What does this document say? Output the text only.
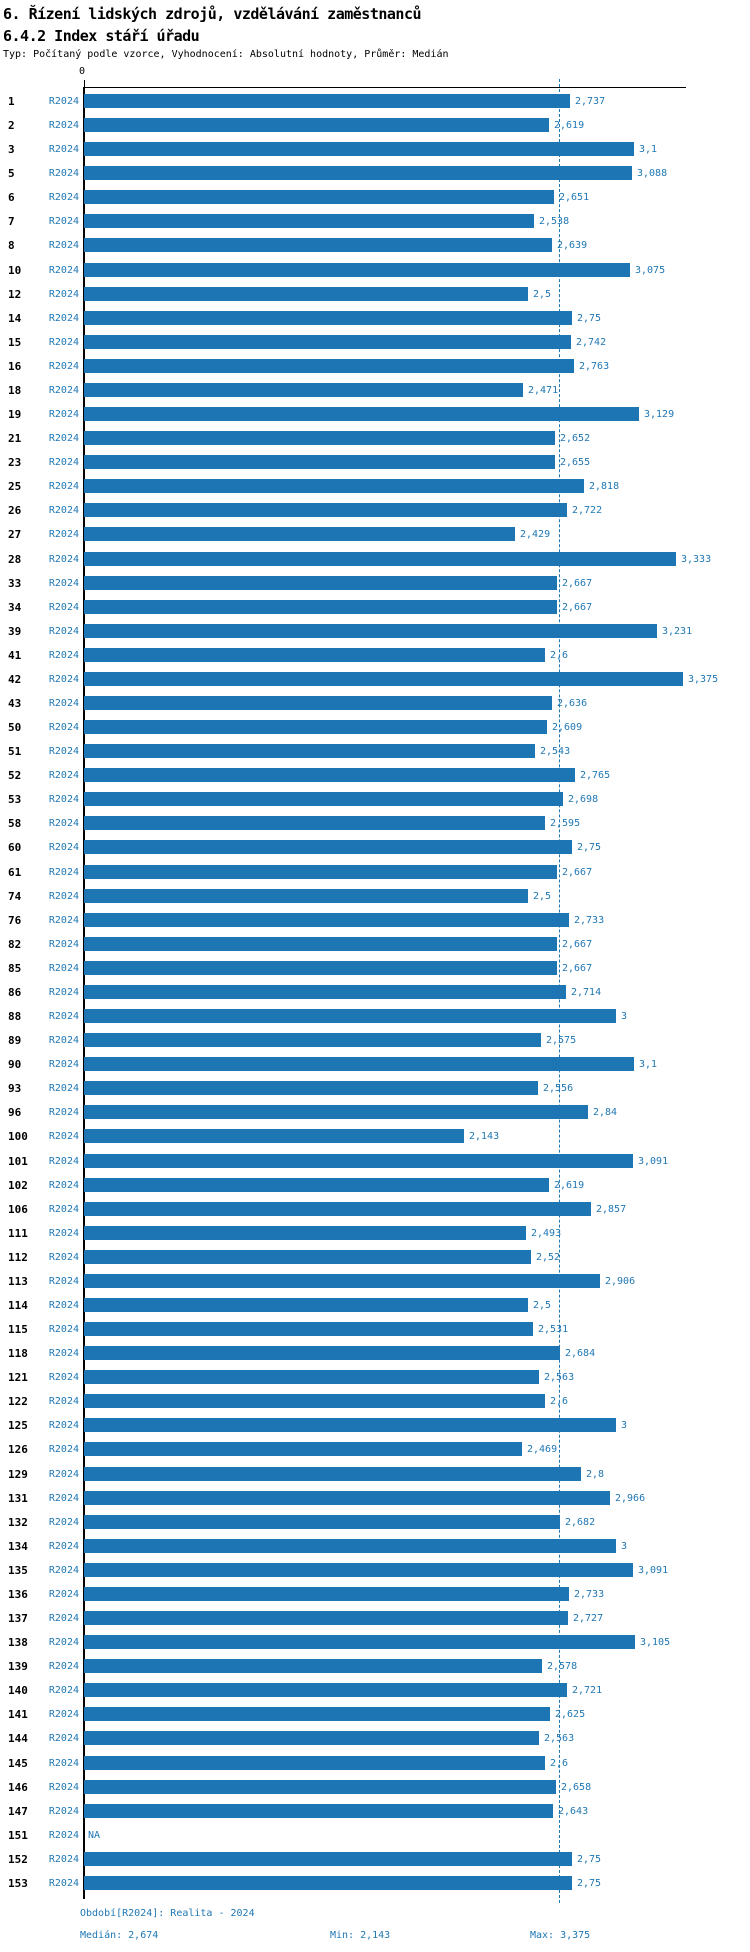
6. Řízení lidských zdrojů, vzdělávání zaměstnanců
6.4.2 Index stáří úřadu
Typ: Počítaný podle vzorce, Vyhodnocení: Absolutní hodnoty, Průměr: Medián
0
1	R2024	2,737
2	R2024	2,619
3	R2024	3,1
5	R2024	3,088
6	R2024	2,651
7	R2024	2,538
8	R2024	2,639
10	R2024	3,075
12	R2024	2,5
14	R2024	2,75
15	R2024	2,742
16	R2024	2,763
18	R2024	2,471
19	R2024	3,129
21	R2024	2,652
23	R2024	2,655
25	R2024	2,818
26	R2024	2,722
27	R2024	2,429
28	R2024	3,333
33	R2024	2,667
34	R2024	2,667
39	R2024	3,231
41	R2024	2,6
42	R2024	3,375
43	R2024	2,636
50	R2024	2,609
51	R2024	2,543
52	R2024	2,765
53	R2024	2,698
58	R2024	2,595
60	R2024	2,75
61	R2024	2,667
74	R2024	2,5
76	R2024	2,733
82	R2024	2,667
85	R2024	2,667
86	R2024	2,714
88	R2024	3
89	R2024	2,575
90	R2024	3,1
93	R2024	2,556
96	R2024	2,84
100	R2024	2,143
101	R2024	3,091
102	R2024	2,619
106	R2024	2,857
111	R2024	2,493
112	R2024	2,52
113	R2024	2,906
114	R2024	2,5
115	R2024	2,531
118	R2024	2,684
121	R2024	2,563
122	R2024	2,6
125	R2024	3
126	R2024	2,469
129	R2024	2,8
131	R2024	2,966
132	R2024	2,682
134	R2024	3
135	R2024	3,091
136	R2024	2,733
137	R2024	2,727
138	R2024	3,105
139	R2024	2,578
140	R2024	2,721
141	R2024	2,625
144	R2024	2,563
145	R2024	2,6
146	R2024	2,658
147	R2024	2,643
151	R2024 NA
152	R2024	2,75
153	R2024	2,75
Období[R2024]: Realita - 2024
Medián: 2,674	Min: 2,143	Max: 3,375
